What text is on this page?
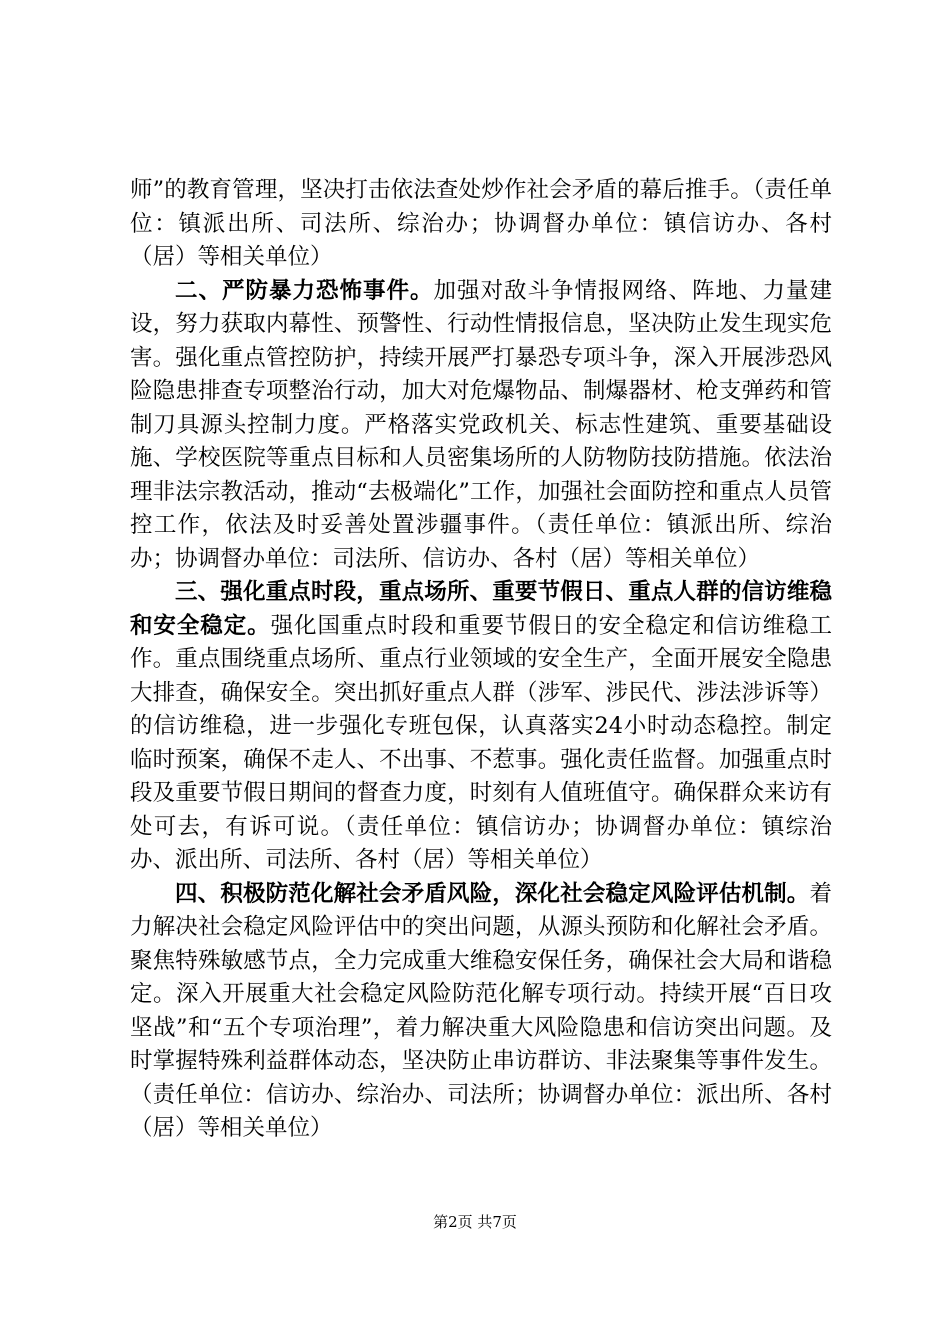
师”的教育管理，坚决打击依法查处炒作社会矛盾的幕后推手。（责任单位：镇派出所、司法所、综治办；协调督办单位：镇信访办、各村（居）等相关单位）

二、严防暴力恐怖事件。加强对敌斗争情报网络、阵地、力量建设，努力获取内幕性、预警性、行动性情报信息，坚决防止发生现实危害。强化重点管控防护，持续开展严打暴恐专项斗争，深入开展涉恐风险隐患排查专项整治行动，加大对危爆物品、制爆器材、枪支弹药和管制刀具源头控制力度。严格落实党政机关、标志性建筑、重要基础设施、学校医院等重点目标和人员密集场所的人防物防技防措施。依法治理非法宗教活动，推动“去极端化”工作，加强社会面防控和重点人员管控工作，依法及时妥善处置涉疆事件。（责任单位：镇派出所、综治办；协调督办单位：司法所、信访办、各村（居）等相关单位）

三、强化重点时段，重点场所、重要节假日、重点人群的信访维稳和安全稳定。强化国重点时段和重要节假日的安全稳定和信访维稳工作。重点围绕重点场所、重点行业领域的安全生产，全面开展安全隐患大排查，确保安全。突出抓好重点人群（涉军、涉民代、涉法涉诉等）的信访维稳，进一步强化专班包保，认真落实24小时动态稳控。制定临时预案，确保不走人、不出事、不惹事。强化责任监督。加强重点时段及重要节假日期间的督查力度，时刻有人值班值守。确保群众来访有处可去，有诉可说。（责任单位：镇信访办；协调督办单位：镇综治办、派出所、司法所、各村（居）等相关单位）

四、积极防范化解社会矛盾风险，深化社会稳定风险评估机制。着力解决社会稳定风险评估中的突出问题，从源头预防和化解社会矛盾。聚焦特殊敏感节点，全力完成重大维稳安保任务，确保社会大局和谐稳定。深入开展重大社会稳定风险防范化解专项行动。持续开展“百日攻坚战”和“五个专项治理”，着力解决重大风险隐患和信访突出问题。及时掌握特殊利益群体动态，坚决防止串访群访、非法聚集等事件发生。（责任单位：信访办、综治办、司法所；协调督办单位：派出所、各村（居）等相关单位）

第2页 共7页
